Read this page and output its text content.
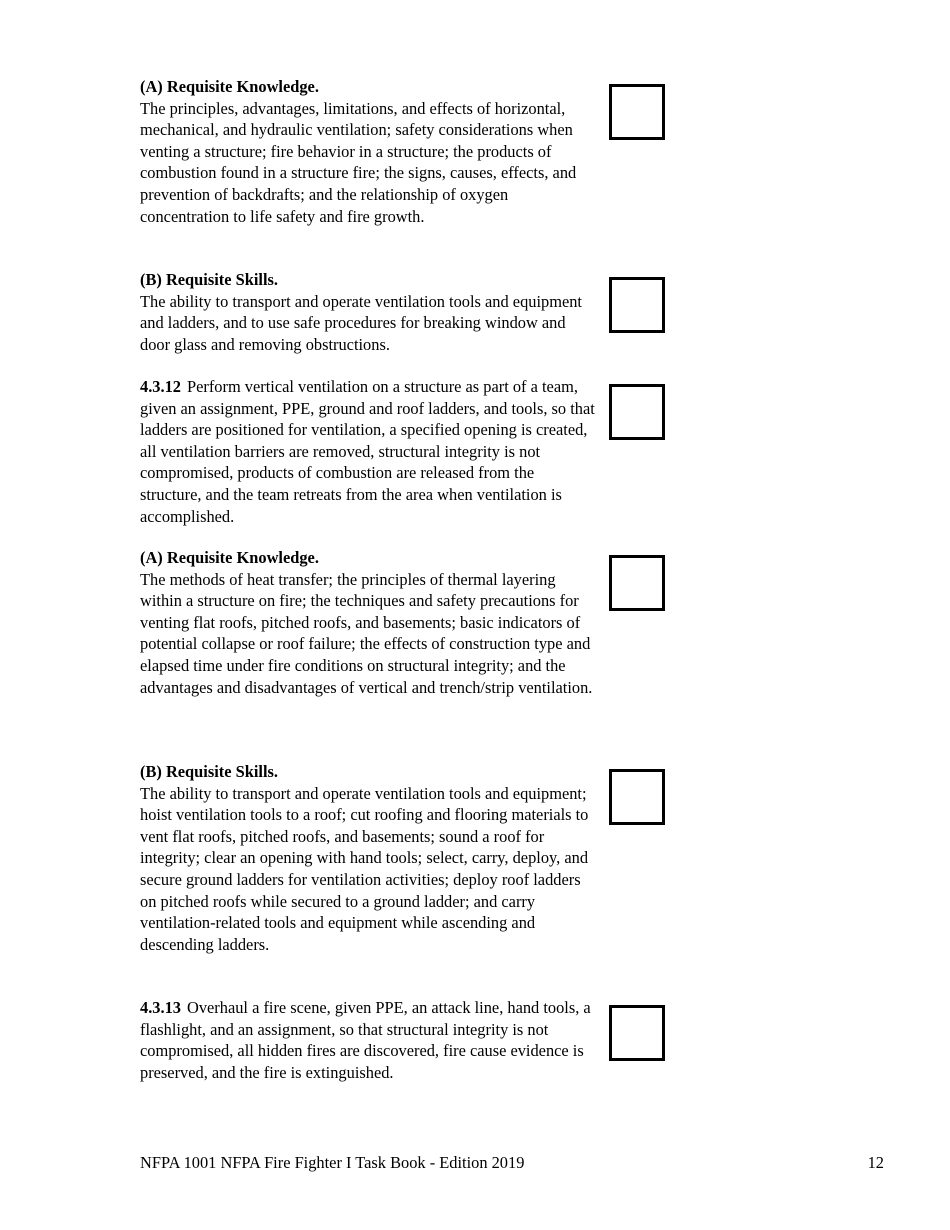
(A) Requisite Knowledge.
The principles, advantages, limitations, and effects of horizontal, mechanical, and hydraulic ventilation; safety considerations when venting a structure; fire behavior in a structure; the products of combustion found in a structure fire; the signs, causes, effects, and prevention of backdrafts; and the relationship of oxygen concentration to life safety and fire growth.
(B) Requisite Skills.
The ability to transport and operate ventilation tools and equipment and ladders, and to use safe procedures for breaking window and door glass and removing obstructions.
4.3.12 Perform vertical ventilation on a structure as part of a team, given an assignment, PPE, ground and roof ladders, and tools, so that ladders are positioned for ventilation, a specified opening is created, all ventilation barriers are removed, structural integrity is not compromised, products of combustion are released from the structure, and the team retreats from the area when ventilation is accomplished.
(A) Requisite Knowledge.
The methods of heat transfer; the principles of thermal layering within a structure on fire; the techniques and safety precautions for venting flat roofs, pitched roofs, and basements; basic indicators of potential collapse or roof failure; the effects of construction type and elapsed time under fire conditions on structural integrity; and the advantages and disadvantages of vertical and trench/strip ventilation.
(B) Requisite Skills.
The ability to transport and operate ventilation tools and equipment; hoist ventilation tools to a roof; cut roofing and flooring materials to vent flat roofs, pitched roofs, and basements; sound a roof for integrity; clear an opening with hand tools; select, carry, deploy, and secure ground ladders for ventilation activities; deploy roof ladders on pitched roofs while secured to a ground ladder; and carry ventilation-related tools and equipment while ascending and descending ladders.
4.3.13 Overhaul a fire scene, given PPE, an attack line, hand tools, a flashlight, and an assignment, so that structural integrity is not compromised, all hidden fires are discovered, fire cause evidence is preserved, and the fire is extinguished.
NFPA 1001 NFPA Fire Fighter I Task Book - Edition 2019	12
